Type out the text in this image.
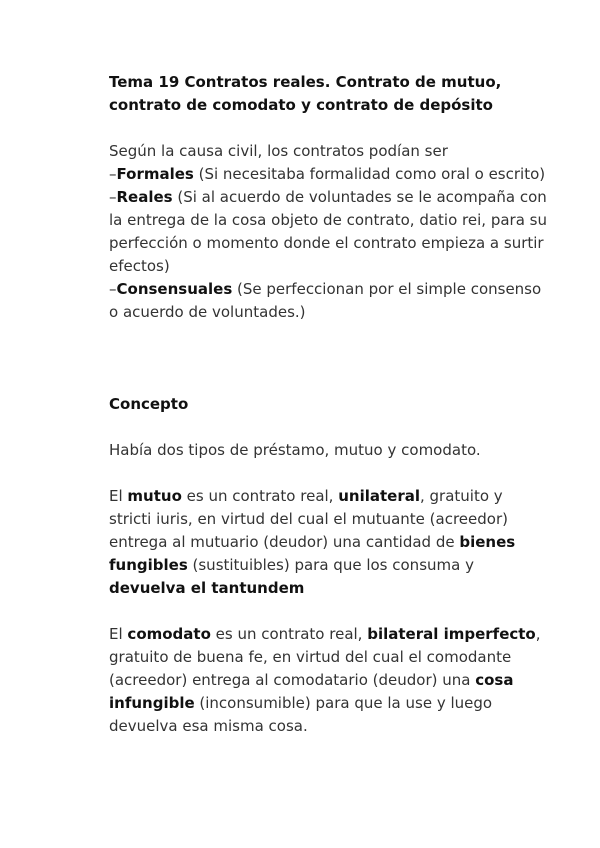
Tema 19 Contratos reales. Contrato de mutuo, contrato de comodato y contrato de depósito

Según la causa civil, los contratos podían ser
–Formales (Si necesitaba formalidad como oral o escrito)
–Reales (Si al acuerdo de voluntades se le acompaña con la entrega de la cosa objeto de contrato, datio rei, para su perfección o momento donde el contrato empieza a surtir efectos)
–Consensuales (Se perfeccionan por el simple consenso o acuerdo de voluntades.)

Concepto

Había dos tipos de préstamo, mutuo y comodato.

El mutuo es un contrato real, unilateral, gratuito y stricti iuris, en virtud del cual el mutuante (acreedor) entrega al mutuario (deudor) una cantidad de bienes fungibles (sustituibles) para que los consuma y devuelva el tantundem

El comodato es un contrato real, bilateral imperfecto, gratuito de buena fe, en virtud del cual el comodante (acreedor) entrega al comodatario (deudor) una cosa infungible (inconsumible) para que la use y luego devuelva esa misma cosa.
